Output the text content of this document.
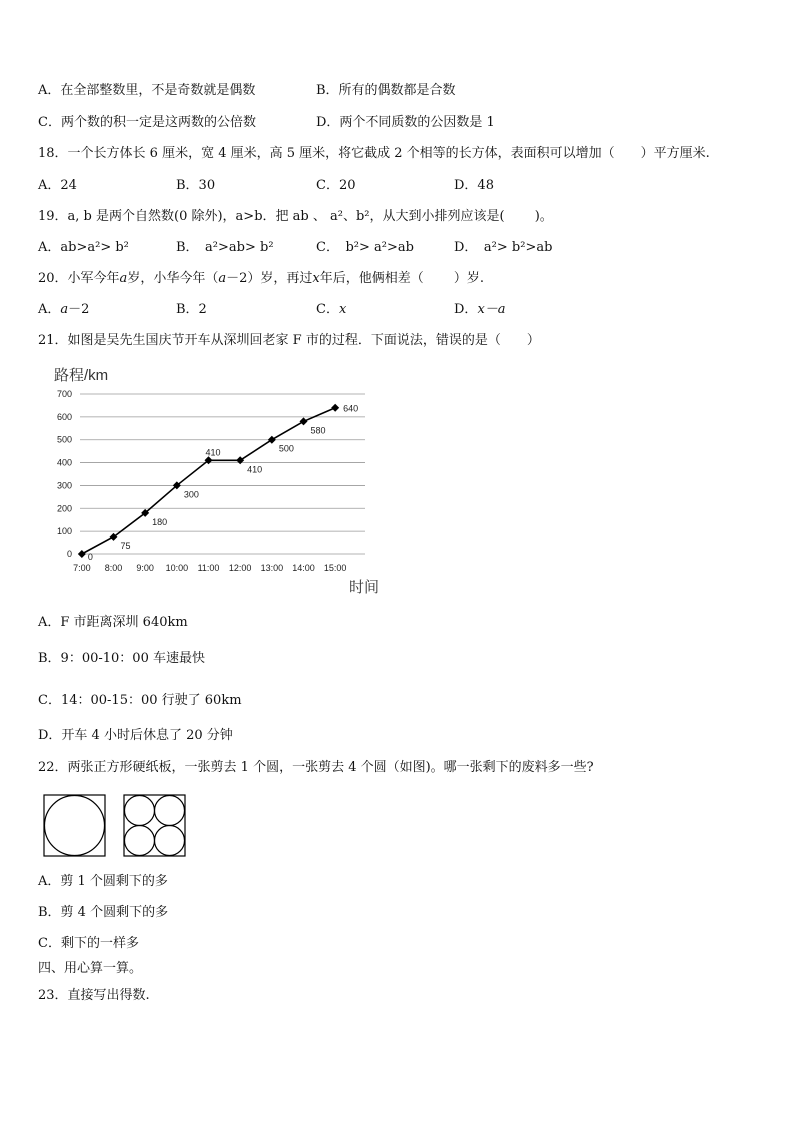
A．在全部整数里，不是奇数就是偶数	B．所有的偶数都是合数
C．两个数的积一定是这两数的公倍数	D．两个不同质数的公因数是 1
18．一个长方体长 6 厘米，宽 4 厘米，高 5 厘米，将它截成 2 个相等的长方体，表面积可以增加（　　）平方厘米.
A．24	B．30	C．20	D．48
19．a, b 是两个自然数(0 除外)，a>b．把 ab 、 a²、b²，从大到小排列应该是(　　 )。
A．ab>a²> b²	B．　a²>ab> b²	C．　b²> a²>ab	D．　a²> b²>ab
20．小军今年a岁，小华今年（a－2）岁，再过x年后，他俩相差（　　 ）岁.
A．a－2	B．2	C．x	D．x－a
21．如图是吴先生国庆节开车从深圳回老家 F 市的过程．下面说法，错误的是（　　）
路程/km
时间
0
100
200
300
400
500
600
700
7:00 8:00 9:00 10:00 11:00 12:00 13:00 14:00 15:00
0
75
180
300
410
410
500
580
640
A．F 市距离深圳 640km
B．9：00-10：00 车速最快
C．14：00-15：00 行驶了 60km
D．开车 4 小时后休息了 20 分钟
22．两张正方形硬纸板，一张剪去 1 个圆，一张剪去 4 个圆（如图)。哪一张剩下的废料多一些?
A．剪 1 个圆剩下的多
B．剪 4 个圆剩下的多
C．剩下的一样多
四、用心算一算。
23．直接写出得数.
